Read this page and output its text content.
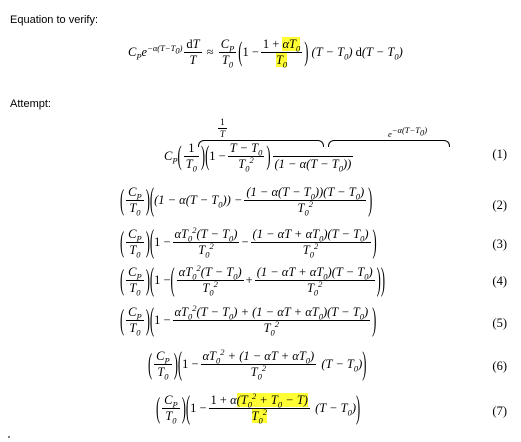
Equation to verify:
$C_Pe^{-\alpha(T-T_0)} \frac{dT}{T} \approx \frac{C_P}{T_0}$ ( $1 - \frac{1 + \alpha T_0}{T_0}$ ) $(T - T_0)$ $d(T - T_0)$
Attempt:
$\frac{1}{T}$	$e^{-\alpha(T-T_0)}$
$C_P$ ( $\frac{1}{T_0}$ ) ( $1 - \frac{T - T_0}{T_0^2}$ )
$(1 - \alpha(T - T_0))$
(1)
( $\frac{C_P}{T_0}$ ) ( $(1 - \alpha(T - T_0)) - \frac{(1 - \alpha(T - T_0))(T - T_0)}{T_0^2}$ )	(2)
( $\frac{C_P}{T_0}$ ) ( $1 - \frac{\alpha T_0^2(T - T_0)}{T_0^2} - \frac{(1 - \alpha T + \alpha T_0)(T - T_0)}{T_0^2}$ )	(3)
( $\frac{C_P}{T_0}$ ) ( 1 − ( $\frac{\alpha T_0^2(T - T_0)}{T_0^2} + \frac{(1 - \alpha T + \alpha T_0)(T - T_0)}{T_0^2}$ ) )	(4)
( $\frac{C_P}{T_0}$ ) ( $1 - \frac{\alpha T_0^2(T - T_0) + (1 - \alpha T + \alpha T_0)(T - T_0)}{T_0^2}$ )	(5)
( $\frac{C_P}{T_0}$ ) ( $1 - \frac{\alpha T_0^2 + (1 - \alpha T + \alpha T_0)}{T_0^2} (T - T_0)$ )	(6)
( $\frac{C_P}{T_0}$ ) ( $1 - \frac{1 + \alpha(T_0^2 + T_0 - T)}{T_0^2} (T - T_0)$ )	(7)
